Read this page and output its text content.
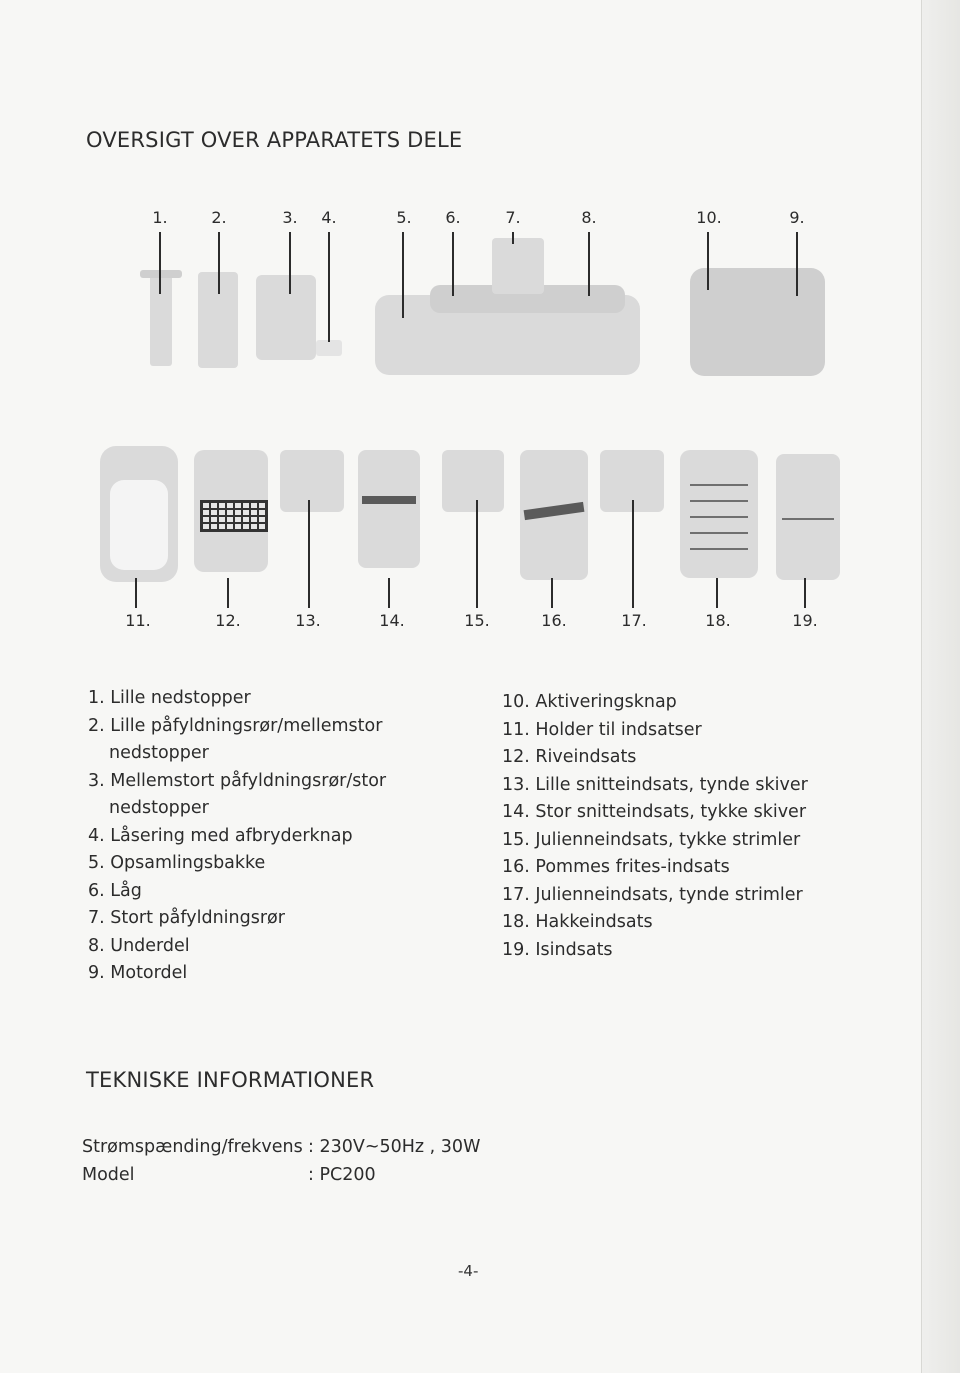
OVERSIGT OVER APPARATETS DELE
1.	2.	3. 4.	5. 6.	7.	8.	10.	9.
11.	12.	13.	14.	15.	16.	17.	18.	19.
1. Lille nedstopper
2. Lille påfyldningsrør/mellemstor
nedstopper
3. Mellemstort påfyldningsrør/stor
nedstopper
4. Låsering med afbryderknap
5. Opsamlingsbakke
6. Låg
7. Stort påfyldningsrør
8. Underdel
9. Motordel
10. Aktiveringsknap
11. Holder til indsatser
12. Riveindsats
13. Lille snitteindsats, tynde skiver
14. Stor snitteindsats, tykke skiver
15. Julienneindsats, tykke strimler
16. Pommes frites-indsats
17. Julienneindsats, tynde strimler
18. Hakkeindsats
19. Isindsats
TEKNISKE INFORMATIONER
Strømspænding/frekvens : 230V~50Hz , 30W
Model	: PC200
-4-
